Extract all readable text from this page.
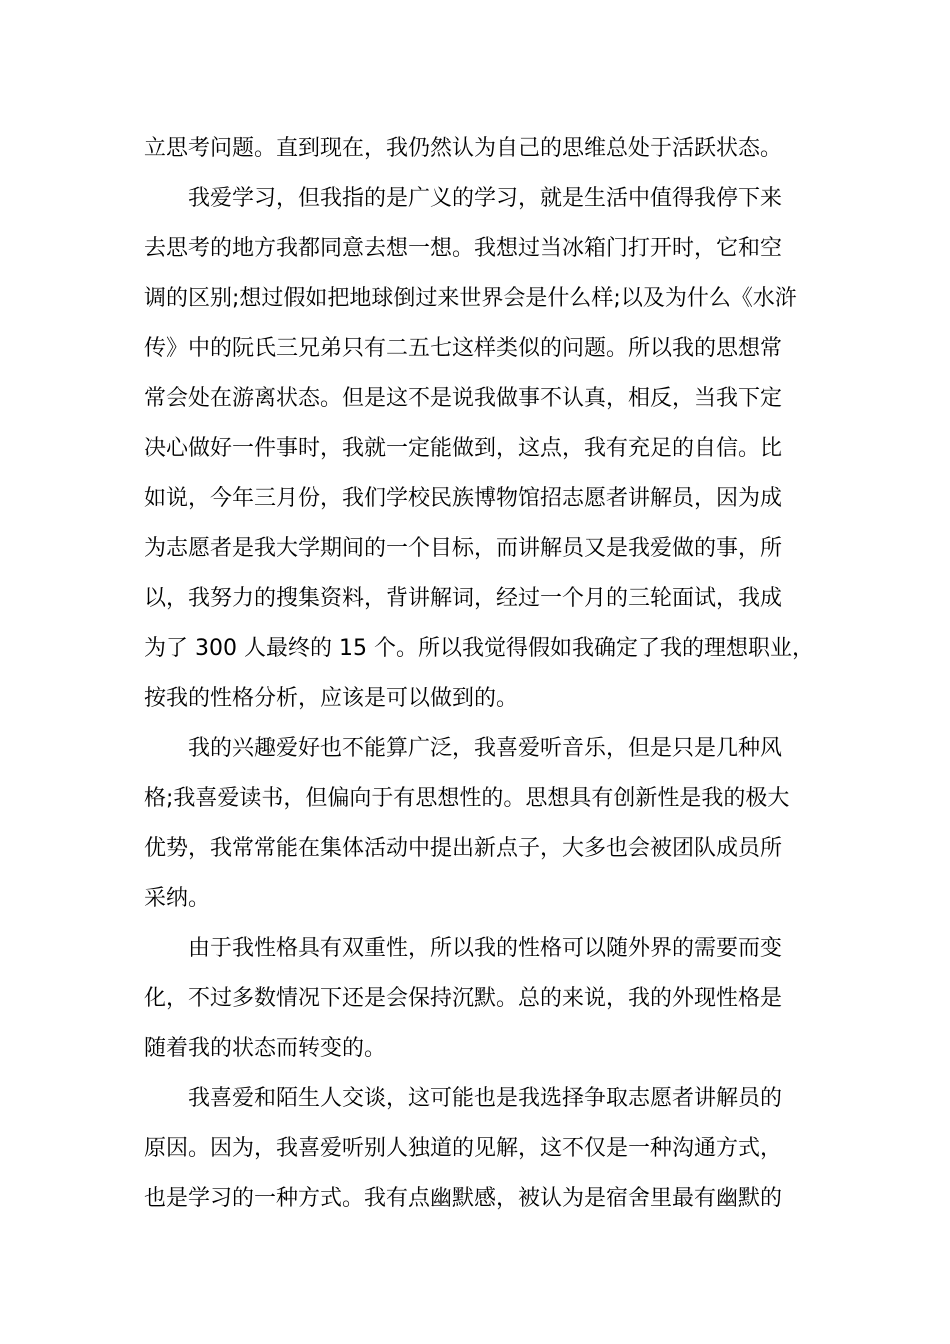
立思考问题。直到现在，我仍然认为自己的思维总处于活跃状态。
我爱学习，但我指的是广义的学习，就是生活中值得我停下来
去思考的地方我都同意去想一想。我想过当冰箱门打开时，它和空
调的区别;想过假如把地球倒过来世界会是什么样;以及为什么《水浒
传》中的阮氏三兄弟只有二五七这样类似的问题。所以我的思想常
常会处在游离状态。但是这不是说我做事不认真，相反，当我下定
决心做好一件事时，我就一定能做到，这点，我有充足的自信。比
如说，今年三月份，我们学校民族博物馆招志愿者讲解员，因为成
为志愿者是我大学期间的一个目标，而讲解员又是我爱做的事，所
以，我努力的搜集资料，背讲解词，经过一个月的三轮面试，我成
为了 300 人最终的 15 个。所以我觉得假如我确定了我的理想职业，
按我的性格分析，应该是可以做到的。
我的兴趣爱好也不能算广泛，我喜爱听音乐，但是只是几种风
格;我喜爱读书，但偏向于有思想性的。思想具有创新性是我的极大
优势，我常常能在集体活动中提出新点子，大多也会被团队成员所
采纳。
由于我性格具有双重性，所以我的性格可以随外界的需要而变
化，不过多数情况下还是会保持沉默。总的来说，我的外现性格是
随着我的状态而转变的。
我喜爱和陌生人交谈，这可能也是我选择争取志愿者讲解员的
原因。因为，我喜爱听别人独道的见解，这不仅是一种沟通方式，
也是学习的一种方式。我有点幽默感，被认为是宿舍里最有幽默的
